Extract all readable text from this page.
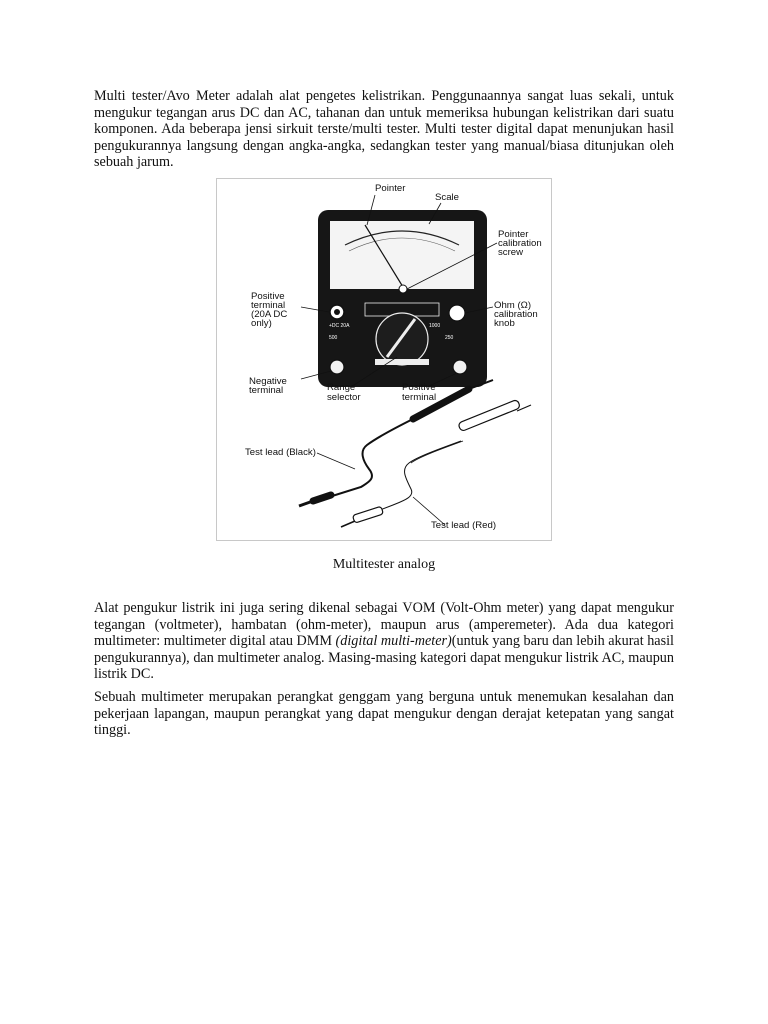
Multi tester/Avo Meter adalah alat pengetes kelistrikan. Penggunaannya sangat luas sekali, untuk mengukur tegangan arus DC dan AC, tahanan dan untuk memeriksa hubungan kelistrikan dari suatu komponen. Ada beberapa jensi sirkuit terste/multi tester. Multi tester digital dapat menunjukan hasil pengukurannya langsung dengan angka-angka, sedangkan tester yang manual/biasa ditunjukan oleh sebuah jarum.

+DC 20A	1000
500	250
Pointer
Scale
Pointer
calibration
screw
Positive
terminal
(20A DC
only)
Ohm (Ω)
calibration
knob
Negative
terminal	Range
selector
Positive
terminal
Test lead (Black)
Test lead (Red)
Multitester analog

Alat pengukur listrik ini juga sering dikenal sebagai VOM (Volt-Ohm meter) yang dapat mengukur tegangan (voltmeter), hambatan (ohm-meter), maupun arus (amperemeter). Ada dua kategori multimeter: multimeter digital atau DMM (digital multi-meter)(untuk yang baru dan lebih akurat hasil pengukurannya), dan multimeter analog. Masing-masing kategori dapat mengukur listrik AC, maupun listrik DC.

Sebuah multimeter merupakan perangkat genggam yang berguna untuk menemukan kesalahan dan pekerjaan lapangan, maupun perangkat yang dapat mengukur dengan derajat ketepatan yang sangat tinggi.
